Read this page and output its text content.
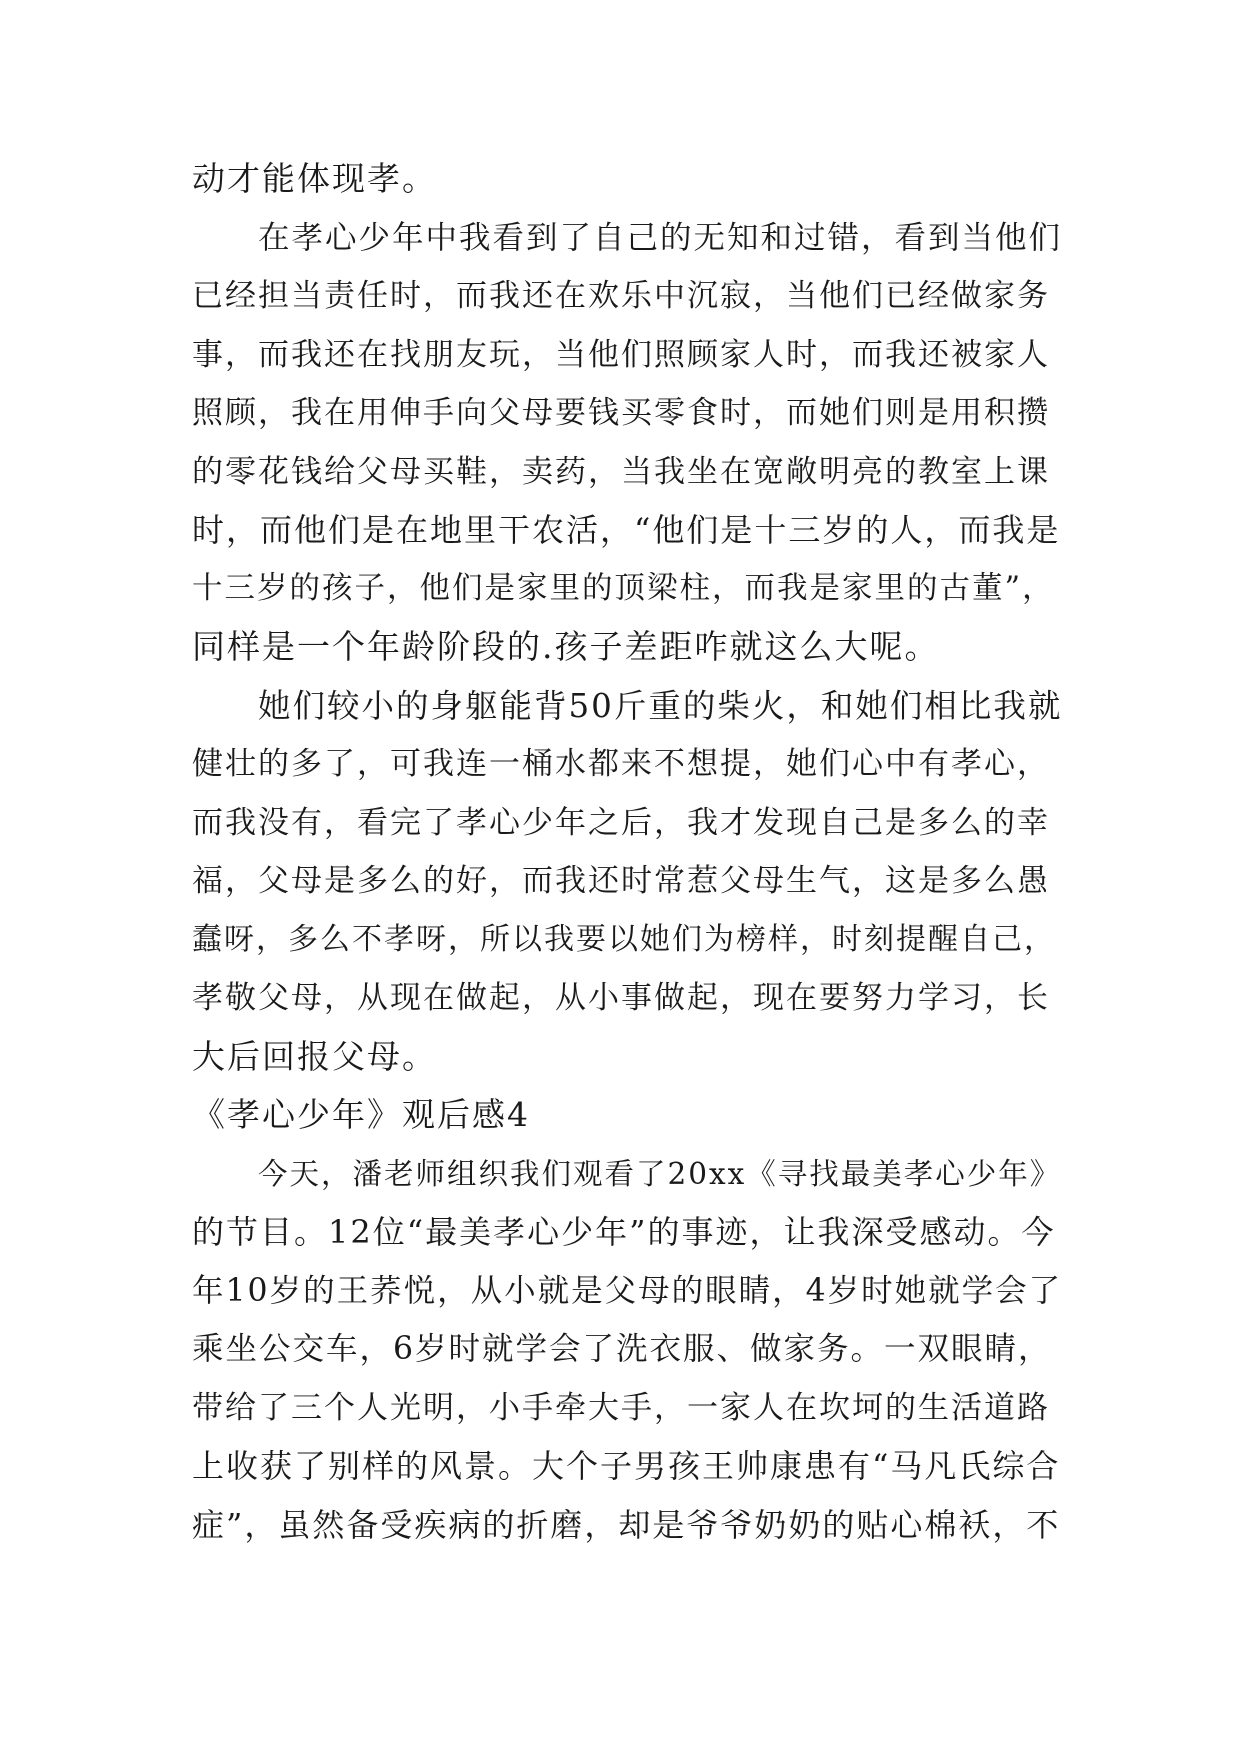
动才能体现孝。
在孝心少年中我看到了自己的无知和过错，看到当他们
已经担当责任时，而我还在欢乐中沉寂，当他们已经做家务
事，而我还在找朋友玩，当他们照顾家人时，而我还被家人
照顾，我在用伸手向父母要钱买零食时，而她们则是用积攒
的零花钱给父母买鞋，卖药，当我坐在宽敞明亮的教室上课
时，而他们是在地里干农活，“他们是十三岁的人，而我是
十三岁的孩子，他们是家里的顶梁柱，而我是家里的古董”，
同样是一个年龄阶段的.孩子差距咋就这么大呢。
她们较小的身躯能背50斤重的柴火，和她们相比我就
健壮的多了，可我连一桶水都来不想提，她们心中有孝心，
而我没有，看完了孝心少年之后，我才发现自己是多么的幸
福，父母是多么的好，而我还时常惹父母生气，这是多么愚
蠢呀，多么不孝呀，所以我要以她们为榜样，时刻提醒自己，
孝敬父母，从现在做起，从小事做起，现在要努力学习，长
大后回报父母。
《孝心少年》观后感4
今天，潘老师组织我们观看了20xx《寻找最美孝心少年》
的节目。12位“最美孝心少年”的事迹，让我深受感动。今
年10岁的王荞悦，从小就是父母的眼睛，4岁时她就学会了
乘坐公交车，6岁时就学会了洗衣服、做家务。一双眼睛，
带给了三个人光明，小手牵大手，一家人在坎坷的生活道路
上收获了别样的风景。大个子男孩王帅康患有“马凡氏综合
症”，虽然备受疾病的折磨，却是爷爷奶奶的贴心棉袄，不
